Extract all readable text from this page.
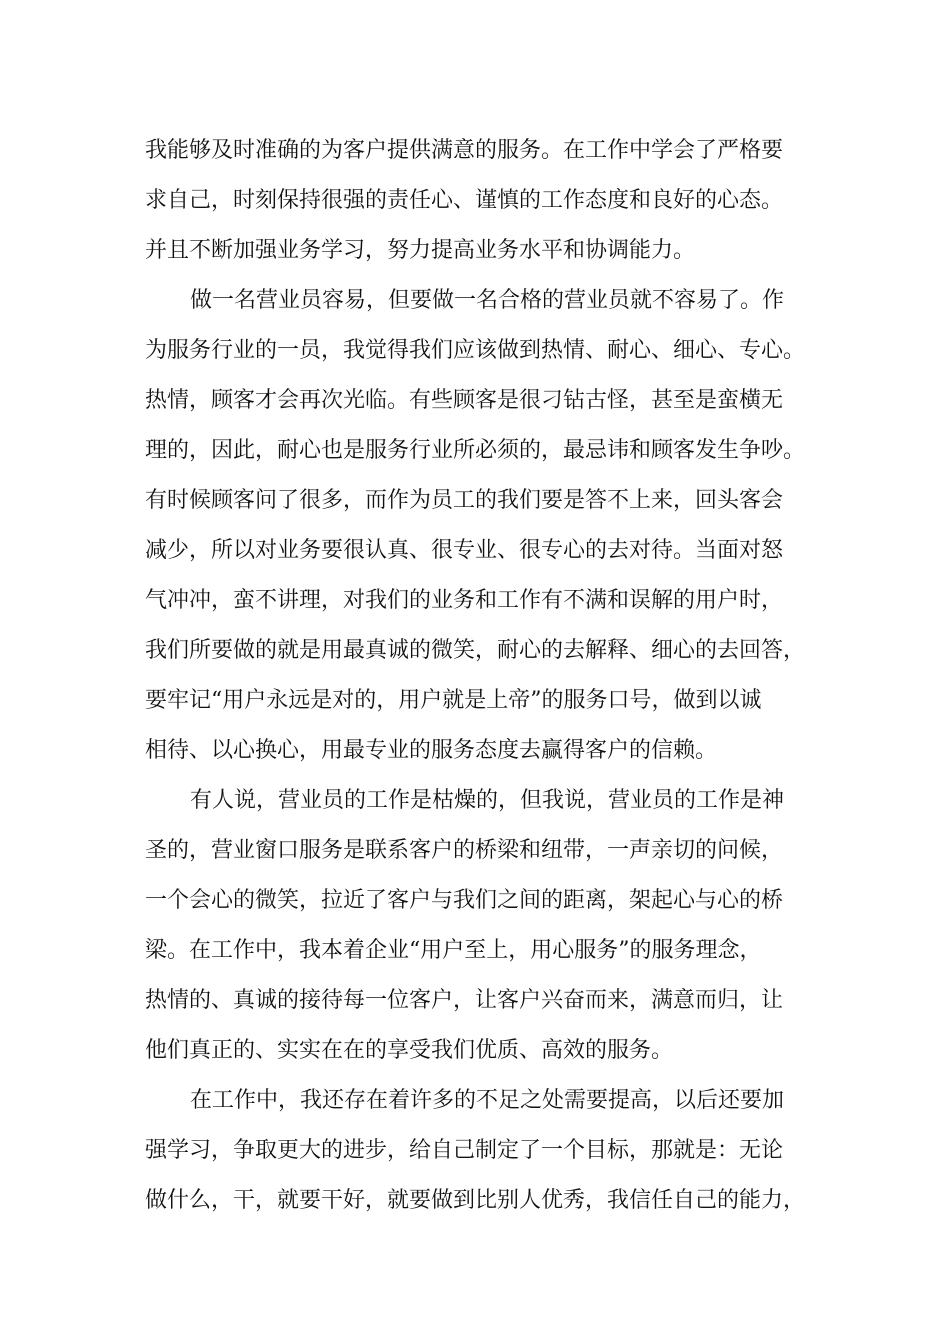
我能够及时准确的为客户提供满意的服务。在工作中学会了严格要
求自己，时刻保持很强的责任心、谨慎的工作态度和良好的心态。
并且不断加强业务学习，努力提高业务水平和协调能力。
做一名营业员容易，但要做一名合格的营业员就不容易了。作
为服务行业的一员，我觉得我们应该做到热情、耐心、细心、专心。
热情，顾客才会再次光临。有些顾客是很刁钻古怪，甚至是蛮横无
理的，因此，耐心也是服务行业所必须的，最忌讳和顾客发生争吵。
有时候顾客问了很多，而作为员工的我们要是答不上来，回头客会
减少，所以对业务要很认真、很专业、很专心的去对待。当面对怒
气冲冲，蛮不讲理，对我们的业务和工作有不满和误解的用户时，
我们所要做的就是用最真诚的微笑，耐心的去解释、细心的去回答，
要牢记“用户永远是对的，用户就是上帝”的服务口号，做到以诚
相待、以心换心，用最专业的服务态度去赢得客户的信赖。
有人说，营业员的工作是枯燥的，但我说，营业员的工作是神
圣的，营业窗口服务是联系客户的桥梁和纽带，一声亲切的问候，
一个会心的微笑，拉近了客户与我们之间的距离，架起心与心的桥
梁。在工作中，我本着企业“用户至上，用心服务”的服务理念，
热情的、真诚的接待每一位客户，让客户兴奋而来，满意而归，让
他们真正的、实实在在的享受我们优质、高效的服务。
在工作中，我还存在着许多的不足之处需要提高，以后还要加
强学习，争取更大的进步，给自己制定了一个目标，那就是：无论
做什么，干，就要干好，就要做到比别人优秀，我信任自己的能力，
